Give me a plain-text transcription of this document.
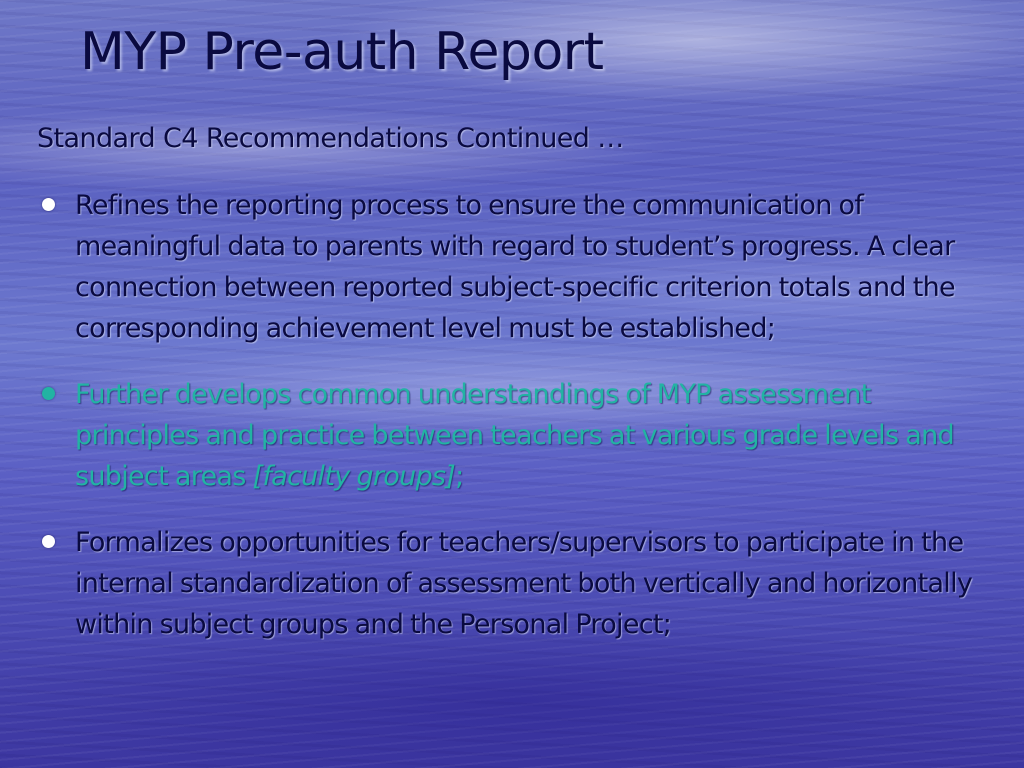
MYP Pre-auth Report

Standard C4 Recommendations Continued …

Refines the reporting process to ensure the communication of meaningful data to parents with regard to student’s progress. A clear connection between reported subject-specific criterion totals and the corresponding achievement level must be established;
Further develops common understandings of MYP assessment principles and practice between teachers at various grade levels and subject areas [faculty groups];
Formalizes opportunities for teachers/supervisors to participate in the internal standardization of assessment both vertically and horizontally within subject groups and the Personal Project;
